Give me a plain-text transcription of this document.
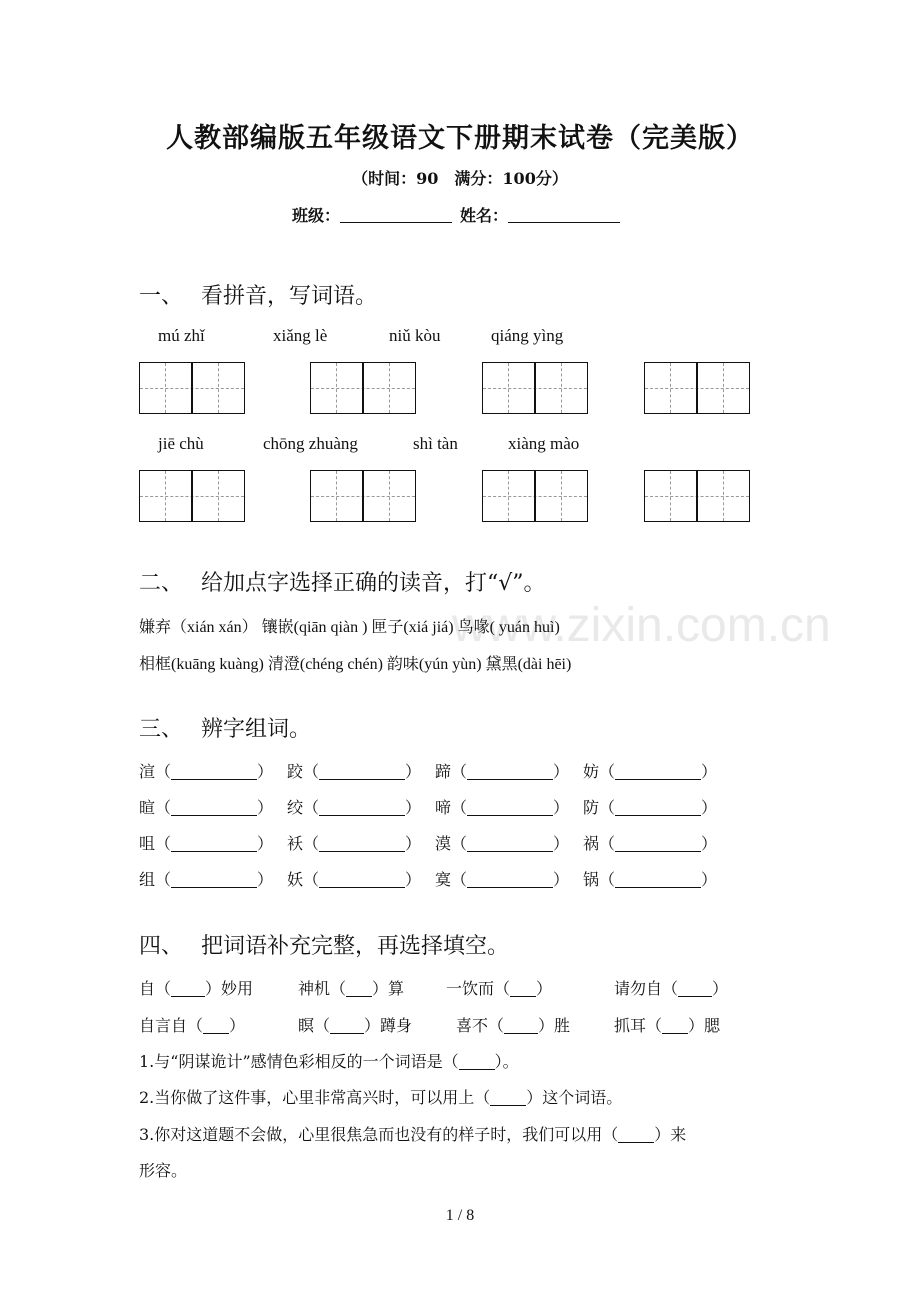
人教部编版五年级语文下册期末试卷（完美版）
（时间：90　满分：100分）
班级：	姓名：
www.zixin.com.cn
一、 看拼音，写词语。
mú zhǐ	xiǎng lè	niǔ kòu	qiáng yìng
jiē chù	chōng zhuàng	shì tàn	xiàng mào
二、 给加点字选择正确的读音，打“√”。
嫌弃（xián xán） 镶嵌(qiān qiàn ) 匣子(xiá jiá) 鸟喙( yuán huì)
相框(kuāng kuàng) 清澄(chéng chén) 韵味(yún yùn) 黛黑(dài hēi)
三、 辨字组词。
渲（	） 跤（	） 蹄（	） 妨（	）
暄（	） 绞（	） 啼（	） 防（	）
咀（	） 袄（	） 漠（	） 祸（	）
组（	） 妖（	） 寞（	） 锅（	）
四、 把词语补充完整，再选择填空。
自（ ）妙用	神机（ ）算	一饮而（ ）	请勿自（ ）
自言自（ ）	瞑（ ）蹲身	喜不（ ）胜	抓耳（ ）腮
1.与“阴谋诡计”感情色彩相反的一个词语是（ ）。
2.当你做了这件事，心里非常高兴时，可以用上（ ）这个词语。
3.你对这道题不会做，心里很焦急而也没有的样子时，我们可以用（ ）来
形容。
1 / 8
